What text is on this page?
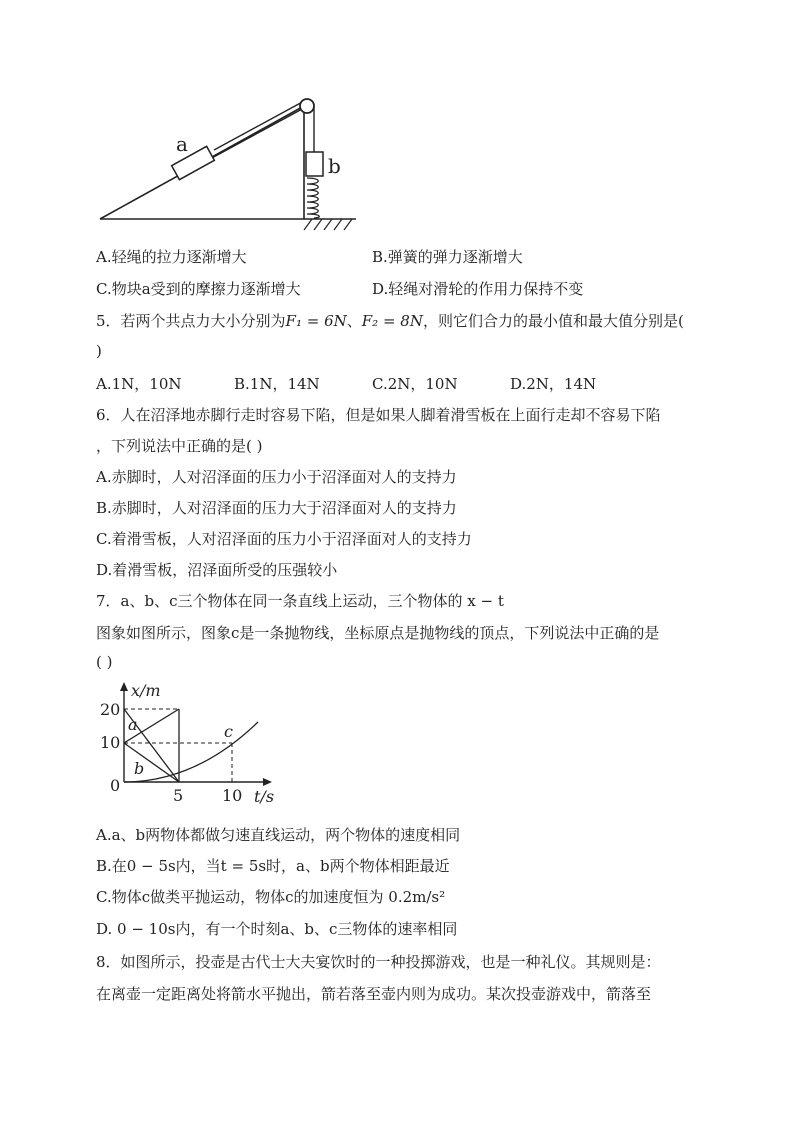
a
b
A.轻绳的拉力逐渐增大	B.弹簧的弹力逐渐增大
C.物块a受到的摩擦力逐渐增大	D.轻绳对滑轮的作用力保持不变
5．若两个共点力大小分别为F₁ = 6N、F₂ = 8N，则它们合力的最小值和最大值分别是(
)
A.1N，10N	B.1N，14N	C.2N，10N	D.2N，14N
6．人在沼泽地赤脚行走时容易下陷，但是如果人脚着滑雪板在上面行走却不容易下陷
，下列说法中正确的是( )
A.赤脚时，人对沼泽面的压力小于沼泽面对人的支持力
B.赤脚时，人对沼泽面的压力大于沼泽面对人的支持力
C.着滑雪板，人对沼泽面的压力小于沼泽面对人的支持力
D.着滑雪板，沼泽面所受的压强较小
7．a、b、c三个物体在同一条直线上运动，三个物体的 x − t
图象如图所示，图象c是一条抛物线，坐标原点是抛物线的顶点，下列说法中正确的是
( )
x/m
t/s
20
10
0
5 10
a
b
c
A.a、b两物体都做匀速直线运动，两个物体的速度相同
B.在0 − 5s内，当t = 5s时，a、b两个物体相距最近
C.物体c做类平抛运动，物体c的加速度恒为 0.2m/s²
D. 0 − 10s内，有一个时刻a、b、c三物体的速率相同
8．如图所示，投壶是古代士大夫宴饮时的一种投掷游戏，也是一种礼仪。其规则是：
在离壶一定距离处将箭水平抛出，箭若落至壶内则为成功。某次投壶游戏中，箭落至
